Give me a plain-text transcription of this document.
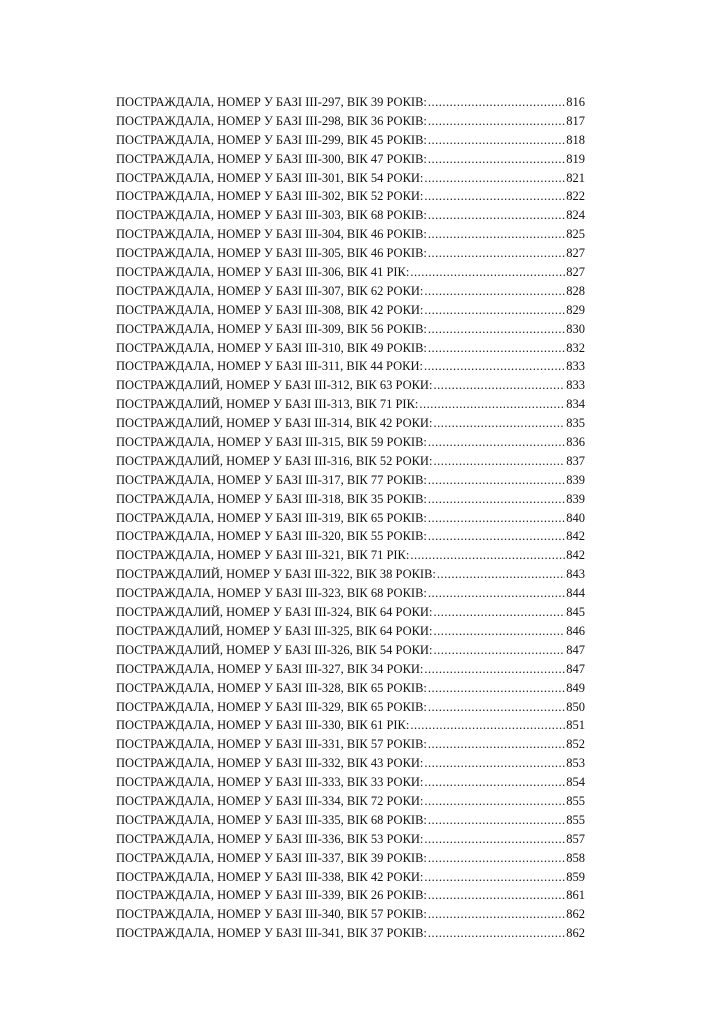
ПОСТРАЖДАЛА, НОМЕР У БАЗІ ІІІ-297, ВІК 39 РОКІВ: .....	816
ПОСТРАЖДАЛА, НОМЕР У БАЗІ ІІІ-298, ВІК 36 РОКІВ: .....	817
ПОСТРАЖДАЛА, НОМЕР У БАЗІ ІІІ-299, ВІК 45 РОКІВ: .....	818
ПОСТРАЖДАЛА, НОМЕР У БАЗІ ІІІ-300, ВІК 47 РОКІВ: .....	819
ПОСТРАЖДАЛА, НОМЕР У БАЗІ ІІІ-301, ВІК 54 РОКИ: .....	821
ПОСТРАЖДАЛА, НОМЕР У БАЗІ ІІІ-302, ВІК 52 РОКИ: .....	822
ПОСТРАЖДАЛА, НОМЕР У БАЗІ ІІІ-303, ВІК 68 РОКІВ: .....	824
ПОСТРАЖДАЛА, НОМЕР У БАЗІ ІІІ-304, ВІК 46 РОКІВ: .....	825
ПОСТРАЖДАЛА, НОМЕР У БАЗІ ІІІ-305, ВІК 46 РОКІВ: .....	827
ПОСТРАЖДАЛА, НОМЕР У БАЗІ ІІІ-306, ВІК 41 РІК: .....	827
ПОСТРАЖДАЛА, НОМЕР У БАЗІ ІІІ-307, ВІК 62 РОКИ: .....	828
ПОСТРАЖДАЛА, НОМЕР У БАЗІ ІІІ-308, ВІК 42 РОКИ: .....	829
ПОСТРАЖДАЛА, НОМЕР У БАЗІ ІІІ-309, ВІК 56 РОКІВ: .....	830
ПОСТРАЖДАЛА, НОМЕР У БАЗІ ІІІ-310, ВІК 49 РОКІВ: .....	832
ПОСТРАЖДАЛА, НОМЕР У БАЗІ ІІІ-311, ВІК 44 РОКИ: .....	833
ПОСТРАЖДАЛИЙ, НОМЕР У БАЗІ ІІІ-312, ВІК 63 РОКИ: .....	833
ПОСТРАЖДАЛИЙ, НОМЕР У БАЗІ ІІІ-313, ВІК 71 РІК: .....	834
ПОСТРАЖДАЛИЙ, НОМЕР У БАЗІ ІІІ-314, ВІК 42 РОКИ: .....	835
ПОСТРАЖДАЛА, НОМЕР У БАЗІ ІІІ-315, ВІК 59 РОКІВ: .....	836
ПОСТРАЖДАЛИЙ, НОМЕР У БАЗІ ІІІ-316, ВІК 52 РОКИ: .....	837
ПОСТРАЖДАЛА, НОМЕР У БАЗІ ІІІ-317, ВІК 77 РОКІВ: .....	839
ПОСТРАЖДАЛА, НОМЕР У БАЗІ ІІІ-318, ВІК 35 РОКІВ: .....	839
ПОСТРАЖДАЛА, НОМЕР У БАЗІ ІІІ-319, ВІК 65 РОКІВ: .....	840
ПОСТРАЖДАЛА, НОМЕР У БАЗІ ІІІ-320, ВІК 55 РОКІВ: .....	842
ПОСТРАЖДАЛА, НОМЕР У БАЗІ ІІІ-321, ВІК 71 РІК: .....	842
ПОСТРАЖДАЛИЙ, НОМЕР У БАЗІ ІІІ-322, ВІК 38 РОКІВ: .....	843
ПОСТРАЖДАЛА, НОМЕР У БАЗІ ІІІ-323, ВІК 68 РОКІВ: .....	844
ПОСТРАЖДАЛИЙ, НОМЕР У БАЗІ ІІІ-324, ВІК 64 РОКИ: .....	845
ПОСТРАЖДАЛИЙ, НОМЕР У БАЗІ ІІІ-325, ВІК 64 РОКИ: .....	846
ПОСТРАЖДАЛИЙ, НОМЕР У БАЗІ ІІІ-326, ВІК 54 РОКИ: .....	847
ПОСТРАЖДАЛА, НОМЕР У БАЗІ ІІІ-327, ВІК 34 РОКИ: .....	847
ПОСТРАЖДАЛА, НОМЕР У БАЗІ ІІІ-328, ВІК 65 РОКІВ: .....	849
ПОСТРАЖДАЛА, НОМЕР У БАЗІ ІІІ-329, ВІК 65 РОКІВ: .....	850
ПОСТРАЖДАЛА, НОМЕР У БАЗІ ІІІ-330, ВІК 61 РІК: .....	851
ПОСТРАЖДАЛА, НОМЕР У БАЗІ ІІІ-331, ВІК 57 РОКІВ: .....	852
ПОСТРАЖДАЛА, НОМЕР У БАЗІ ІІІ-332, ВІК 43 РОКИ: .....	853
ПОСТРАЖДАЛА, НОМЕР У БАЗІ ІІІ-333, ВІК 33 РОКИ: .....	854
ПОСТРАЖДАЛА, НОМЕР У БАЗІ ІІІ-334, ВІК 72 РОКИ: .....	855
ПОСТРАЖДАЛА, НОМЕР У БАЗІ ІІІ-335, ВІК 68 РОКІВ: .....	855
ПОСТРАЖДАЛА, НОМЕР У БАЗІ ІІІ-336, ВІК 53 РОКИ: .....	857
ПОСТРАЖДАЛА, НОМЕР У БАЗІ ІІІ-337, ВІК 39 РОКІВ: .....	858
ПОСТРАЖДАЛА, НОМЕР У БАЗІ ІІІ-338, ВІК 42 РОКИ: .....	859
ПОСТРАЖДАЛА, НОМЕР У БАЗІ ІІІ-339, ВІК 26 РОКІВ: .....	861
ПОСТРАЖДАЛА, НОМЕР У БАЗІ ІІІ-340, ВІК 57 РОКІВ: .....	862
ПОСТРАЖДАЛА, НОМЕР У БАЗІ ІІІ-341, ВІК 37 РОКІВ: .....	862
